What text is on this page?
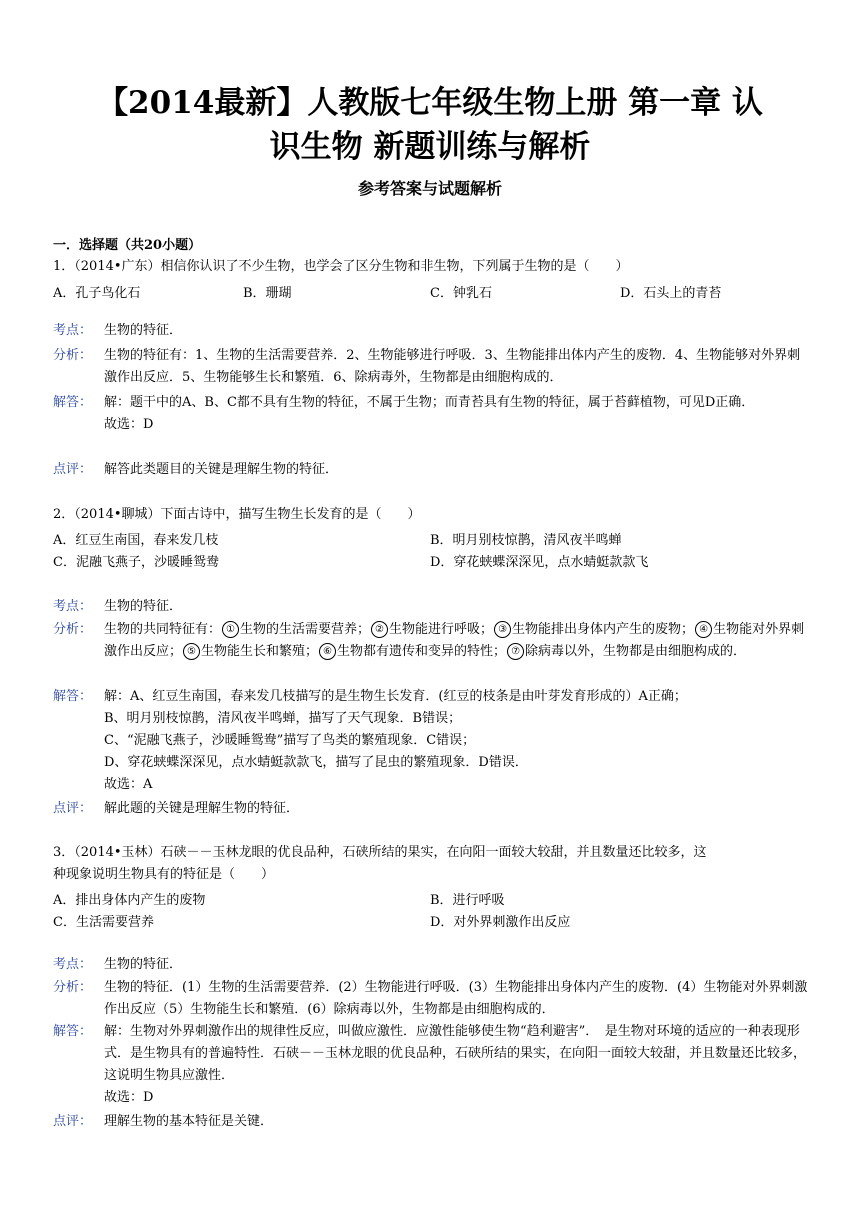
【2014最新】人教版七年级生物上册 第一章 认
识生物 新题训练与解析
参考答案与试题解析
一．选择题（共20小题）
1．（2014•广东）相信你认识了不少生物，也学会了区分生物和非生物，下列属于生物的是（　　）
A．孔子鸟化石	B．珊瑚	C．钟乳石	D．石头上的青苔
考点： 生物的特征．
分析： 生物的特征有：1、生物的生活需要营养．2、生物能够进行呼吸．3、生物能排出体内产生的废物．4、生物能够对外界刺激作出反应．5、生物能够生长和繁殖．6、除病毒外，生物都是由细胞构成的．
解答： 解：题干中的A、B、C都不具有生物的特征，不属于生物；而青苔具有生物的特征，属于苔藓植物，可见D正确．

故选：D

点评： 解答此类题目的关键是理解生物的特征．
2．（2014•聊城）下面古诗中，描写生物生长发育的是（　　）
A．红豆生南国，春来发几枝	B．明月别枝惊鹊，清风夜半鸣蝉
C．泥融飞燕子，沙暖睡鸳鸯	D．穿花蛱蝶深深见，点水蜻蜓款款飞
考点： 生物的特征．
分析： 生物的共同特征有： ① 生物的生活需要营养； ② 生物能进行呼吸； ③ 生物能排出身体内产生的废物； ④ 生物能对外界刺激作出反应； ⑤ 生物能生长和繁殖； ⑥ 生物都有遗传和变异的特性； ⑦ 除病毒以外，生物都是由细胞构成的．
解答： 解：A、红豆生南国，春来发几枝描写的是生物生长发育．(红豆的枝条是由叶芽发育形成的）A正确；

B、明月别枝惊鹊，清风夜半鸣蝉，描写了天气现象．B错误；

C、“泥融飞燕子，沙暖睡鸳鸯”描写了鸟类的繁殖现象．C错误；

D、穿花蛱蝶深深见，点水蜻蜓款款飞，描写了昆虫的繁殖现象．D错误．

故选：A

点评： 解此题的关键是理解生物的特征．
3．（2014•玉林）石硖－－玉林龙眼的优良品种，石硖所结的果实，在向阳一面较大较甜，并且数量还比较多，这
种现象说明生物具有的特征是（　　）
A．排出身体内产生的废物	B．进行呼吸
C．生活需要营养	D．对外界刺激作出反应
考点： 生物的特征．
分析： 生物的特征．(1）生物的生活需要营养．(2）生物能进行呼吸．(3）生物能排出身体内产生的废物．(4）生物能对外界刺激作出反应（5）生物能生长和繁殖．(6）除病毒以外，生物都是由细胞构成的．
解答： 解：生物对外界刺激作出的规律性反应，叫做应激性．应激性能够使生物“趋利避害”．　是生物对环境的适应的一种表现形式．是生物具有的普遍特性．石硖－－玉林龙眼的优良品种，石硖所结的果实，在向阳一面较大较甜，并且数量还比较多，这说明生物具应激性．

故选：D

点评： 理解生物的基本特征是关键．
